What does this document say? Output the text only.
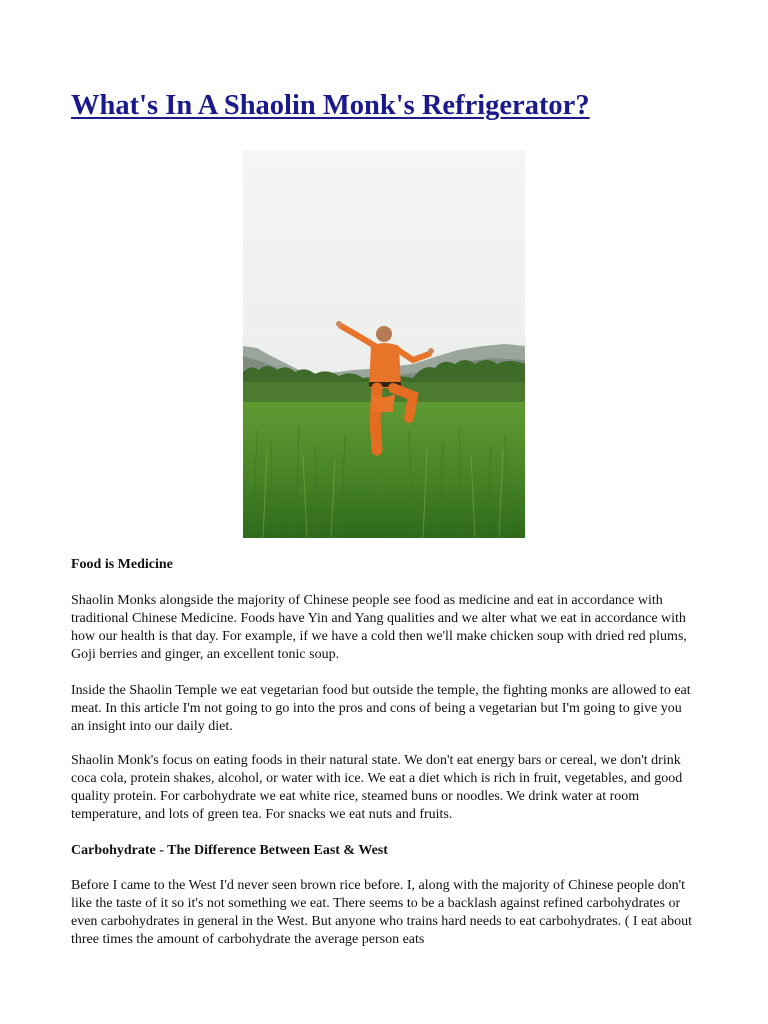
What's In A Shaolin Monk's Refrigerator?

Food is Medicine

Shaolin Monks alongside the majority of Chinese people see food as medicine and eat in accordance with traditional Chinese Medicine. Foods have Yin and Yang qualities and we alter what we eat in accordance with how our health is that day. For example, if we have a cold then we'll make chicken soup with dried red plums, Goji berries and ginger, an excellent tonic soup.

Inside the Shaolin Temple we eat vegetarian food but outside the temple, the fighting monks are allowed to eat meat. In this article I'm not going to go into the pros and cons of being a vegetarian but I'm going to give you an insight into our daily diet.

Shaolin Monk's focus on eating foods in their natural state. We don't eat energy bars or cereal, we don't drink coca cola, protein shakes, alcohol, or water with ice. We eat a diet which is rich in fruit, vegetables, and good quality protein. For carbohydrate we eat white rice, steamed buns or noodles. We drink water at room temperature, and lots of green tea. For snacks we eat nuts and fruits.

Carbohydrate - The Difference Between East & West

Before I came to the West I'd never seen brown rice before. I, along with the majority of Chinese people don't like the taste of it so it's not something we eat. There seems to be a backlash against refined carbohydrates or even carbohydrates in general in the West. But anyone who trains hard needs to eat carbohydrates. ( I eat about three times the amount of carbohydrate the average person eats
